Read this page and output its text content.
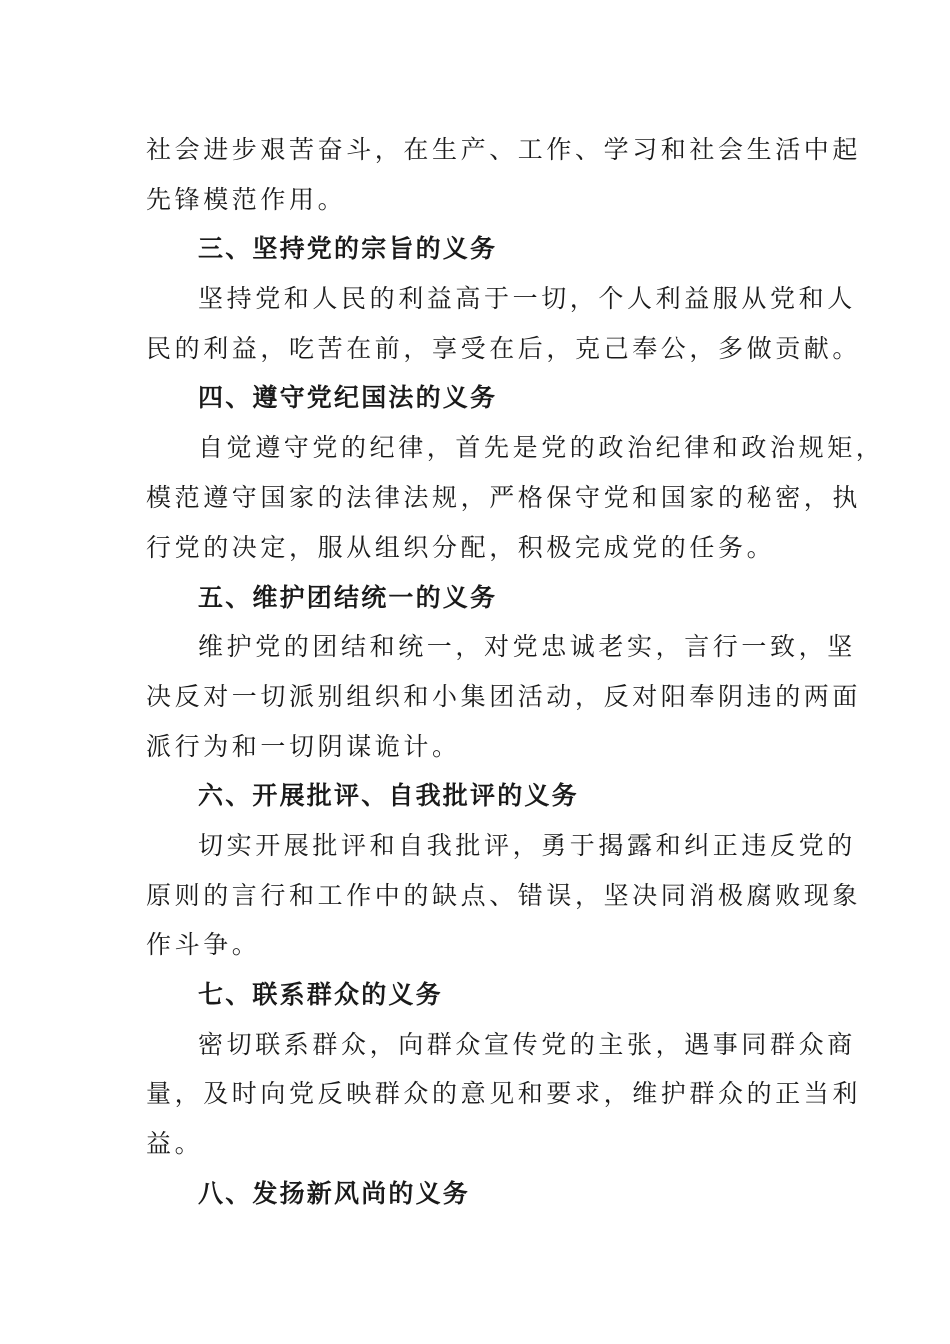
社会进步艰苦奋斗，在生产、工作、学习和社会生活中起
先锋模范作用。
三、坚持党的宗旨的义务
坚持党和人民的利益高于一切，个人利益服从党和人
民的利益，吃苦在前，享受在后，克己奉公，多做贡献。
四、遵守党纪国法的义务
自觉遵守党的纪律，首先是党的政治纪律和政治规矩，
模范遵守国家的法律法规，严格保守党和国家的秘密，执
行党的决定，服从组织分配，积极完成党的任务。
五、维护团结统一的义务
维护党的团结和统一，对党忠诚老实，言行一致，坚
决反对一切派别组织和小集团活动，反对阳奉阴违的两面
派行为和一切阴谋诡计。
六、开展批评、自我批评的义务
切实开展批评和自我批评，勇于揭露和纠正违反党的
原则的言行和工作中的缺点、错误，坚决同消极腐败现象
作斗争。
七、联系群众的义务
密切联系群众，向群众宣传党的主张，遇事同群众商
量，及时向党反映群众的意见和要求，维护群众的正当利
益。
八、发扬新风尚的义务
